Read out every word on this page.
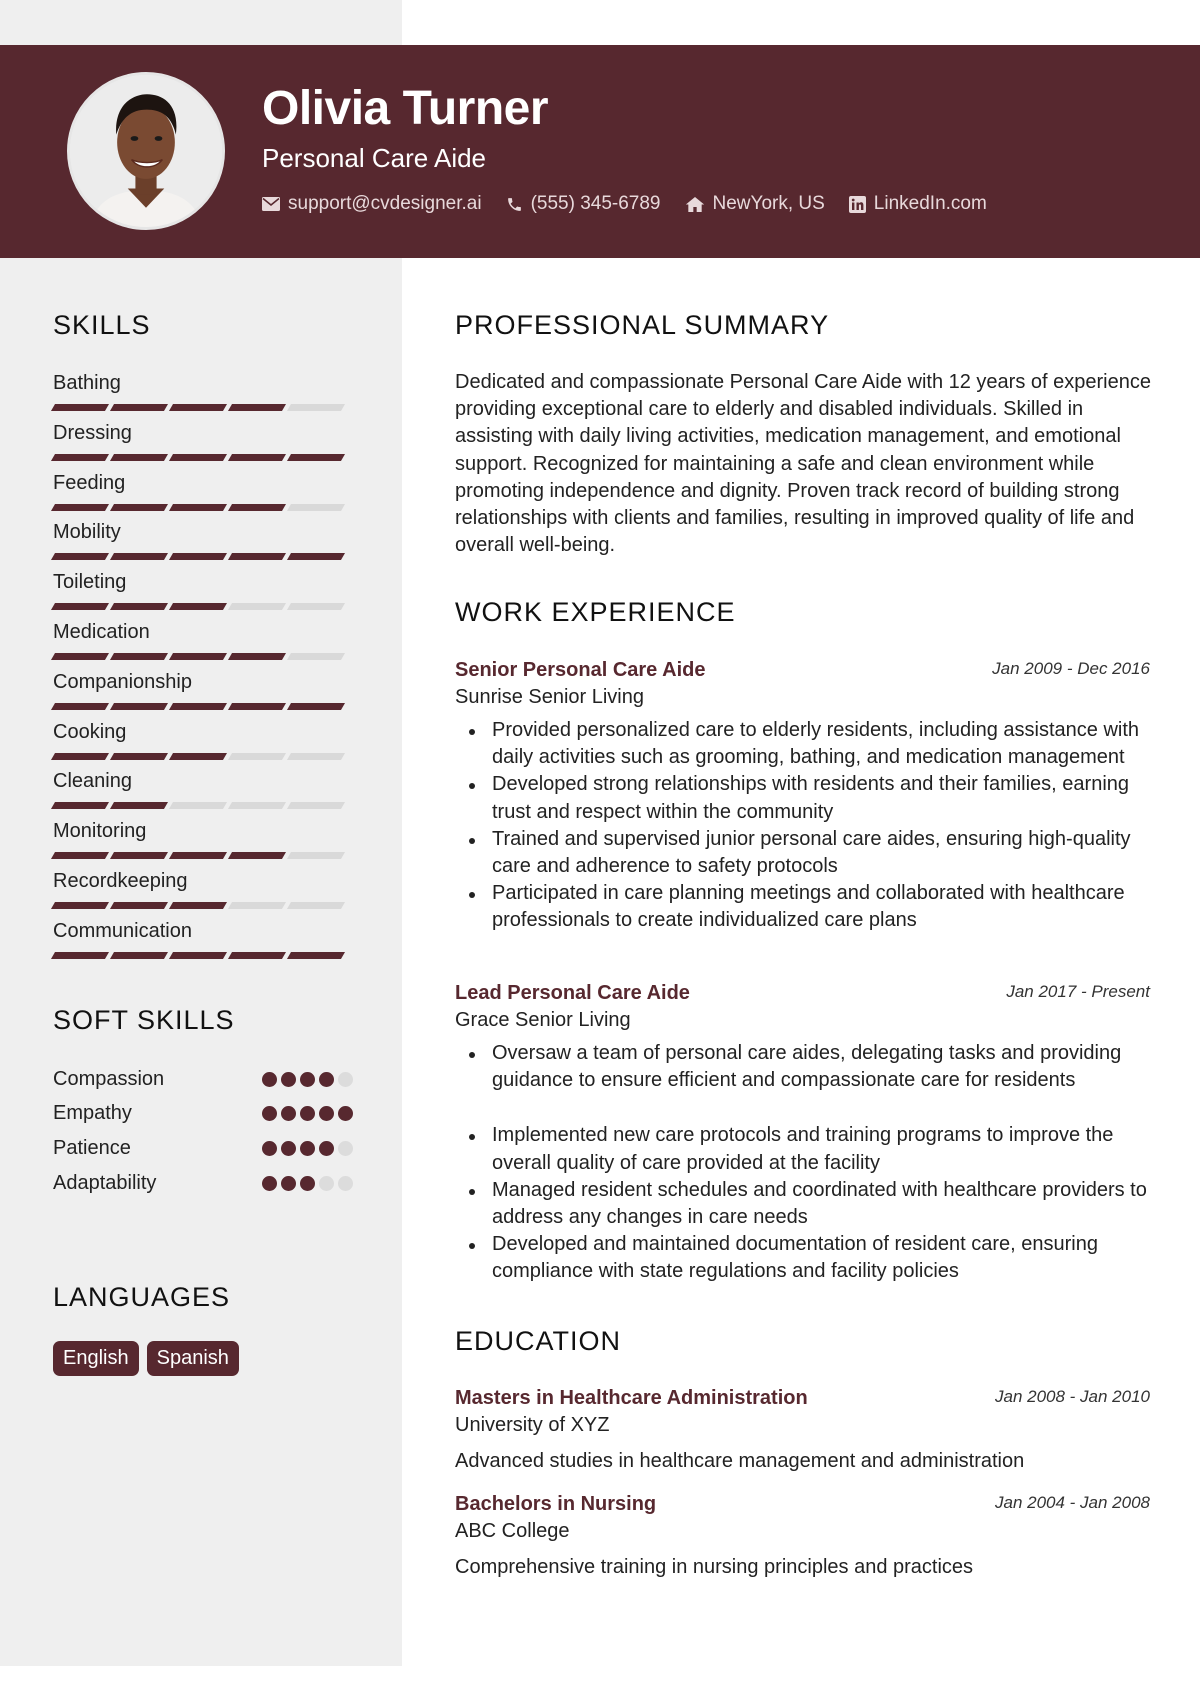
Olivia Turner
Personal Care Aide
support@cvdesigner.ai	(555) 345-6789	NewYork, US	LinkedIn.com
SKILLS
Bathing
Dressing
Feeding
Mobility
Toileting
Medication
Companionship
Cooking
Cleaning
Monitoring
Recordkeeping
Communication
SOFT SKILLS
Compassion
Empathy
Patience
Adaptability
LANGUAGES
English	Spanish
PROFESSIONAL SUMMARY
Dedicated and compassionate Personal Care Aide with 12 years of experience providing exceptional care to elderly and disabled individuals. Skilled in assisting with daily living activities, medication management, and emotional support. Recognized for maintaining a safe and clean environment while promoting independence and dignity. Proven track record of building strong relationships with clients and families, resulting in improved quality of life and overall well-being.
WORK EXPERIENCE
Senior Personal Care Aide	Jan 2009 - Dec 2016
Sunrise Senior Living
Provided personalized care to elderly residents, including assistance with daily activities such as grooming, bathing, and medication management
Developed strong relationships with residents and their families, earning trust and respect within the community
Trained and supervised junior personal care aides, ensuring high-quality care and adherence to safety protocols
Participated in care planning meetings and collaborated with healthcare professionals to create individualized care plans
Lead Personal Care Aide	Jan 2017 - Present
Grace Senior Living
Oversaw a team of personal care aides, delegating tasks and providing guidance to ensure efficient and compassionate care for residents
Implemented new care protocols and training programs to improve the overall quality of care provided at the facility
Managed resident schedules and coordinated with healthcare providers to address any changes in care needs
Developed and maintained documentation of resident care, ensuring compliance with state regulations and facility policies
EDUCATION
Masters in Healthcare Administration	Jan 2008 - Jan 2010
University of XYZ
Advanced studies in healthcare management and administration
Bachelors in Nursing	Jan 2004 - Jan 2008
ABC College
Comprehensive training in nursing principles and practices
